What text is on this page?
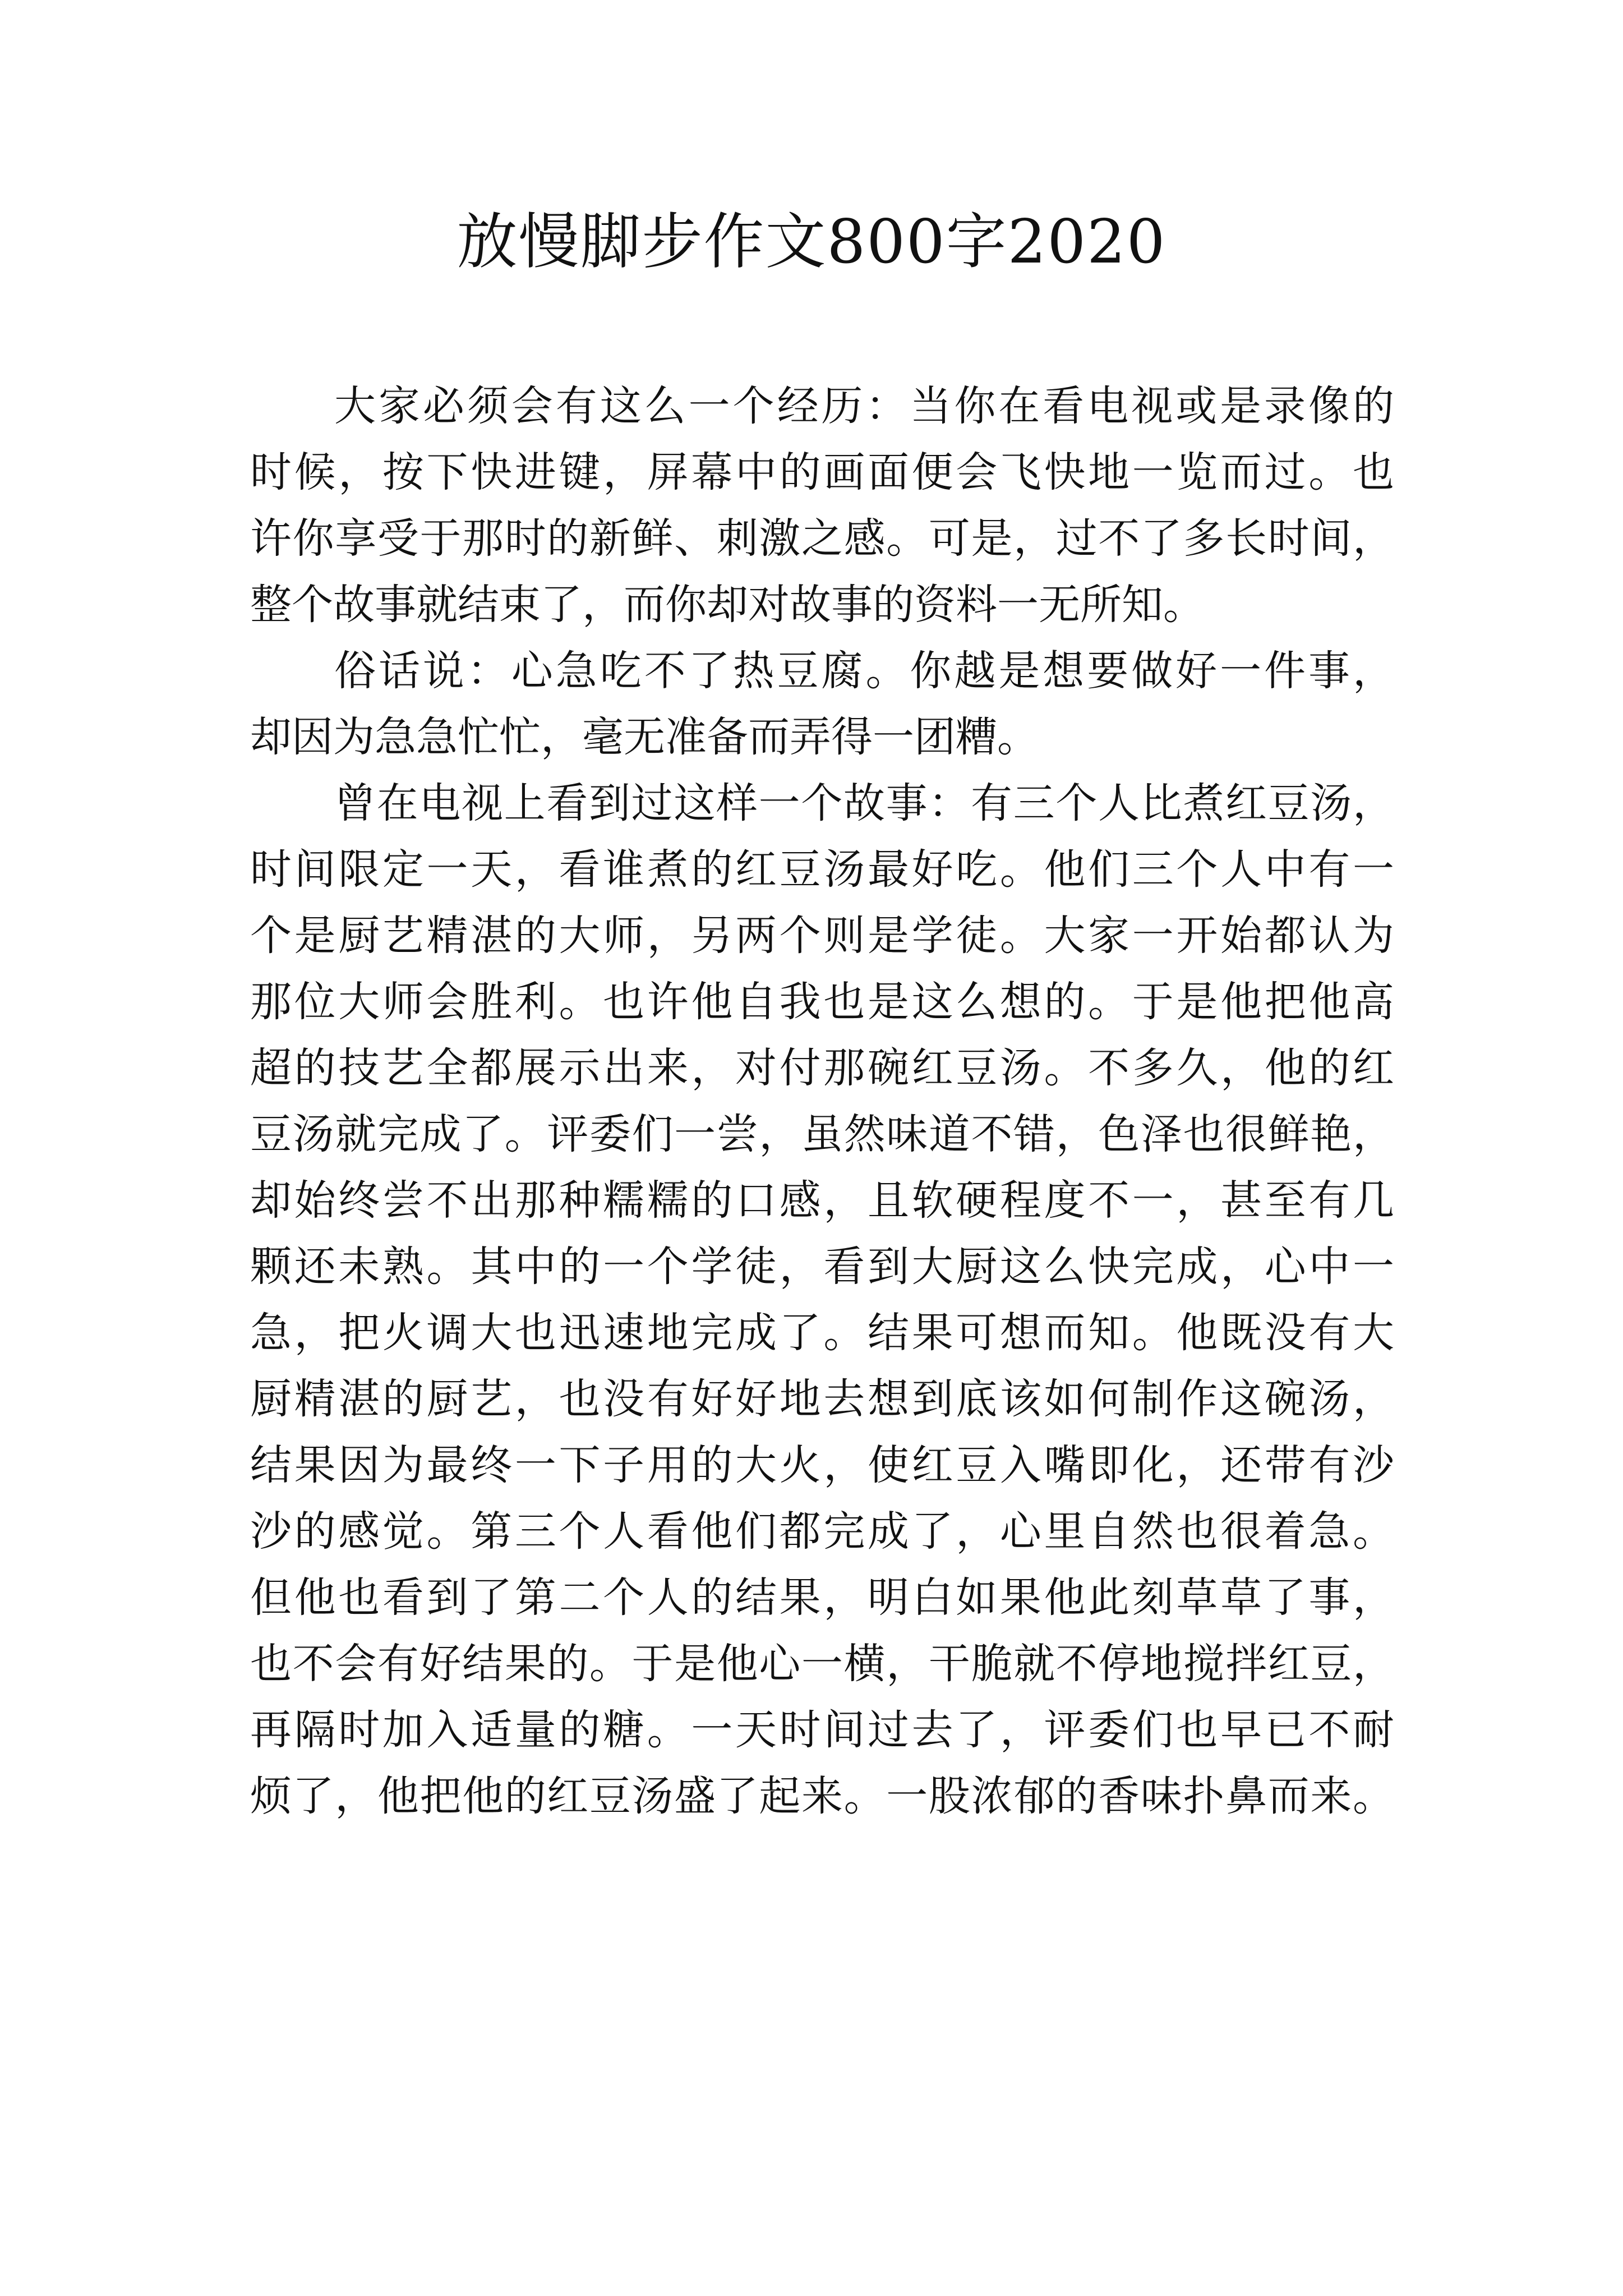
放慢脚步作文800字2020
大家必须会有这么一个经历：当你在看电视或是录像的
时候，按下快进键，屏幕中的画面便会飞快地一览而过。也
许你享受于那时的新鲜、刺激之感。可是，过不了多长时间，
整个故事就结束了，而你却对故事的资料一无所知。
俗话说：心急吃不了热豆腐。你越是想要做好一件事，
却因为急急忙忙，毫无准备而弄得一团糟。
曾在电视上看到过这样一个故事：有三个人比煮红豆汤，
时间限定一天，看谁煮的红豆汤最好吃。他们三个人中有一
个是厨艺精湛的大师，另两个则是学徒。大家一开始都认为
那位大师会胜利。也许他自我也是这么想的。于是他把他高
超的技艺全都展示出来，对付那碗红豆汤。不多久，他的红
豆汤就完成了。评委们一尝，虽然味道不错，色泽也很鲜艳，
却始终尝不出那种糯糯的口感，且软硬程度不一，甚至有几
颗还未熟。其中的一个学徒，看到大厨这么快完成，心中一
急，把火调大也迅速地完成了。结果可想而知。他既没有大
厨精湛的厨艺，也没有好好地去想到底该如何制作这碗汤，
结果因为最终一下子用的大火，使红豆入嘴即化，还带有沙
沙的感觉。第三个人看他们都完成了，心里自然也很着急。
但他也看到了第二个人的结果，明白如果他此刻草草了事，
也不会有好结果的。于是他心一横，干脆就不停地搅拌红豆，
再隔时加入适量的糖。一天时间过去了，评委们也早已不耐
烦了，他把他的红豆汤盛了起来。一股浓郁的香味扑鼻而来。
